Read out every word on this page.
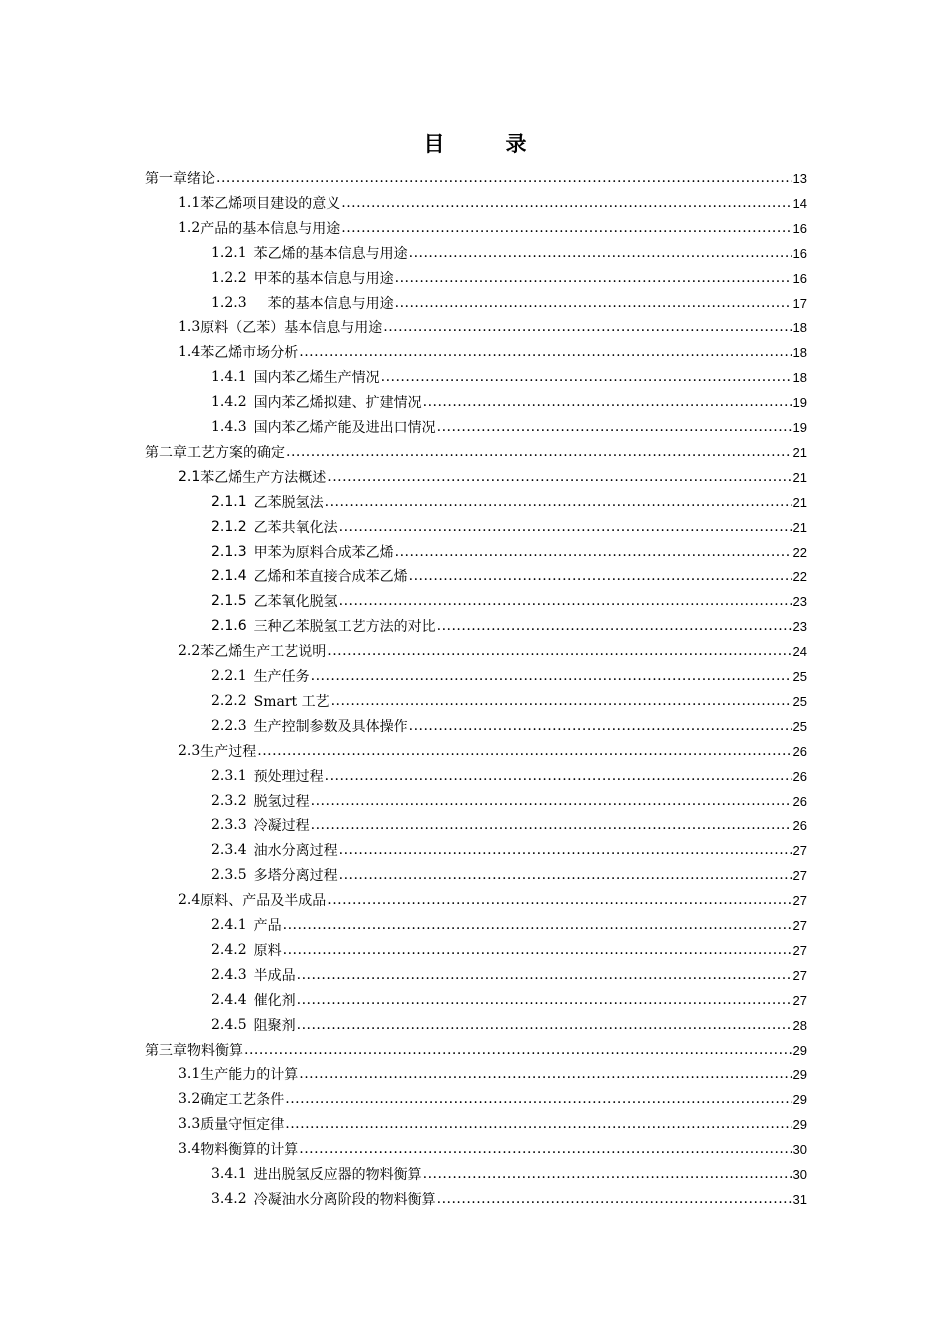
目　录
第一章 绪论 .....	13
1.1 苯乙烯项目建设的意义 .....	14
1.2 产品的基本信息与用途 .....	16
1.2.1 苯乙烯的基本信息与用途 .....	16
1.2.2 甲苯的基本信息与用途 .....	16
1.2.3 　苯的基本信息与用途 .....	17
1.3 原料（乙苯）基本信息与用途 .....	18
1.4 苯乙烯市场分析 .....	18
1.4.1 国内苯乙烯生产情况 .....	18
1.4.2 国内苯乙烯拟建、扩建情况 .....	19
1.4.3 国内苯乙烯产能及进出口情况 .....	19
第二章 工艺方案的确定 .....	21
2.1 苯乙烯生产方法概述 .....	21
2.1.1 乙苯脱氢法 .....	21
2.1.2 乙苯共氧化法 .....	21
2.1.3 甲苯为原料合成苯乙烯 .....	22
2.1.4 乙烯和苯直接合成苯乙烯 .....	22
2.1.5 乙苯氧化脱氢 .....	23
2.1.6 三种乙苯脱氢工艺方法的对比 .....	23
2.2 苯乙烯生产工艺说明 .....	24
2.2.1 生产任务 .....	25
2.2.2 Smart 工艺 .....	25
2.2.3 生产控制参数及具体操作 .....	25
2.3 生产过程 .....	26
2.3.1 预处理过程 .....	26
2.3.2 脱氢过程 .....	26
2.3.3 冷凝过程 .....	26
2.3.4 油水分离过程 .....	27
2.3.5 多塔分离过程 .....	27
2.4 原料、产品及半成品 .....	27
2.4.1 产品 .....	27
2.4.2 原料 .....	27
2.4.3 半成品 .....	27
2.4.4 催化剂 .....	27
2.4.5 阻聚剂 .....	28
第三章 物料衡算 .....	29
3.1 生产能力的计算 .....	29
3.2 确定工艺条件 .....	29
3.3 质量守恒定律 .....	29
3.4 物料衡算的计算 .....	30
3.4.1 进出脱氢反应器的物料衡算 .....	30
3.4.2 冷凝油水分离阶段的物料衡算 .....	31
